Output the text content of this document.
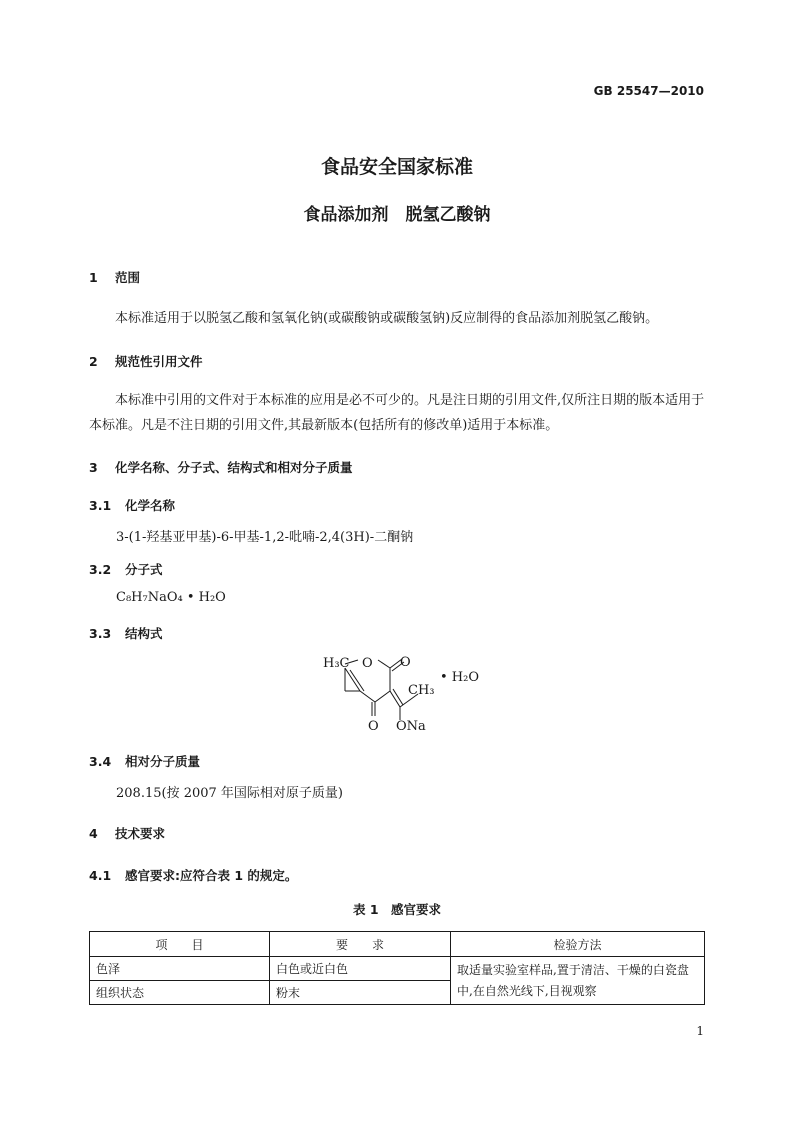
GB 25547—2010
食品安全国家标准
食品添加剂　脱氢乙酸钠
1 范围
本标准适用于以脱氢乙酸和氢氧化钠(或碳酸钠或碳酸氢钠)反应制得的食品添加剂脱氢乙酸钠。
2 规范性引用文件
本标准中引用的文件对于本标准的应用是必不可少的。凡是注日期的引用文件,仅所注日期的版本适用于本标准。凡是不注日期的引用文件,其最新版本(包括所有的修改单)适用于本标准。
3 化学名称、分子式、结构式和相对分子质量
3.1 化学名称
3-(1-羟基亚甲基)-6-甲基-1,2-吡喃-2,4(3H)-二酮钠
3.2 分子式
C₈H₇NaO₄ • H₂O
3.3 结构式
H₃C O O
CH₃
• H₂O
O ONa
3.4 相对分子质量
208.15(按 2007 年国际相对原子质量)
4 技术要求
4.1 感官要求:应符合表 1 的规定。
表 1　感官要求
项　　目	要　　求	检验方法
色泽	白色或近白色	取适量实验室样品,置于清洁、干燥的白瓷盘中,在自然光线下,目视观察
组织状态	粉末	
1
